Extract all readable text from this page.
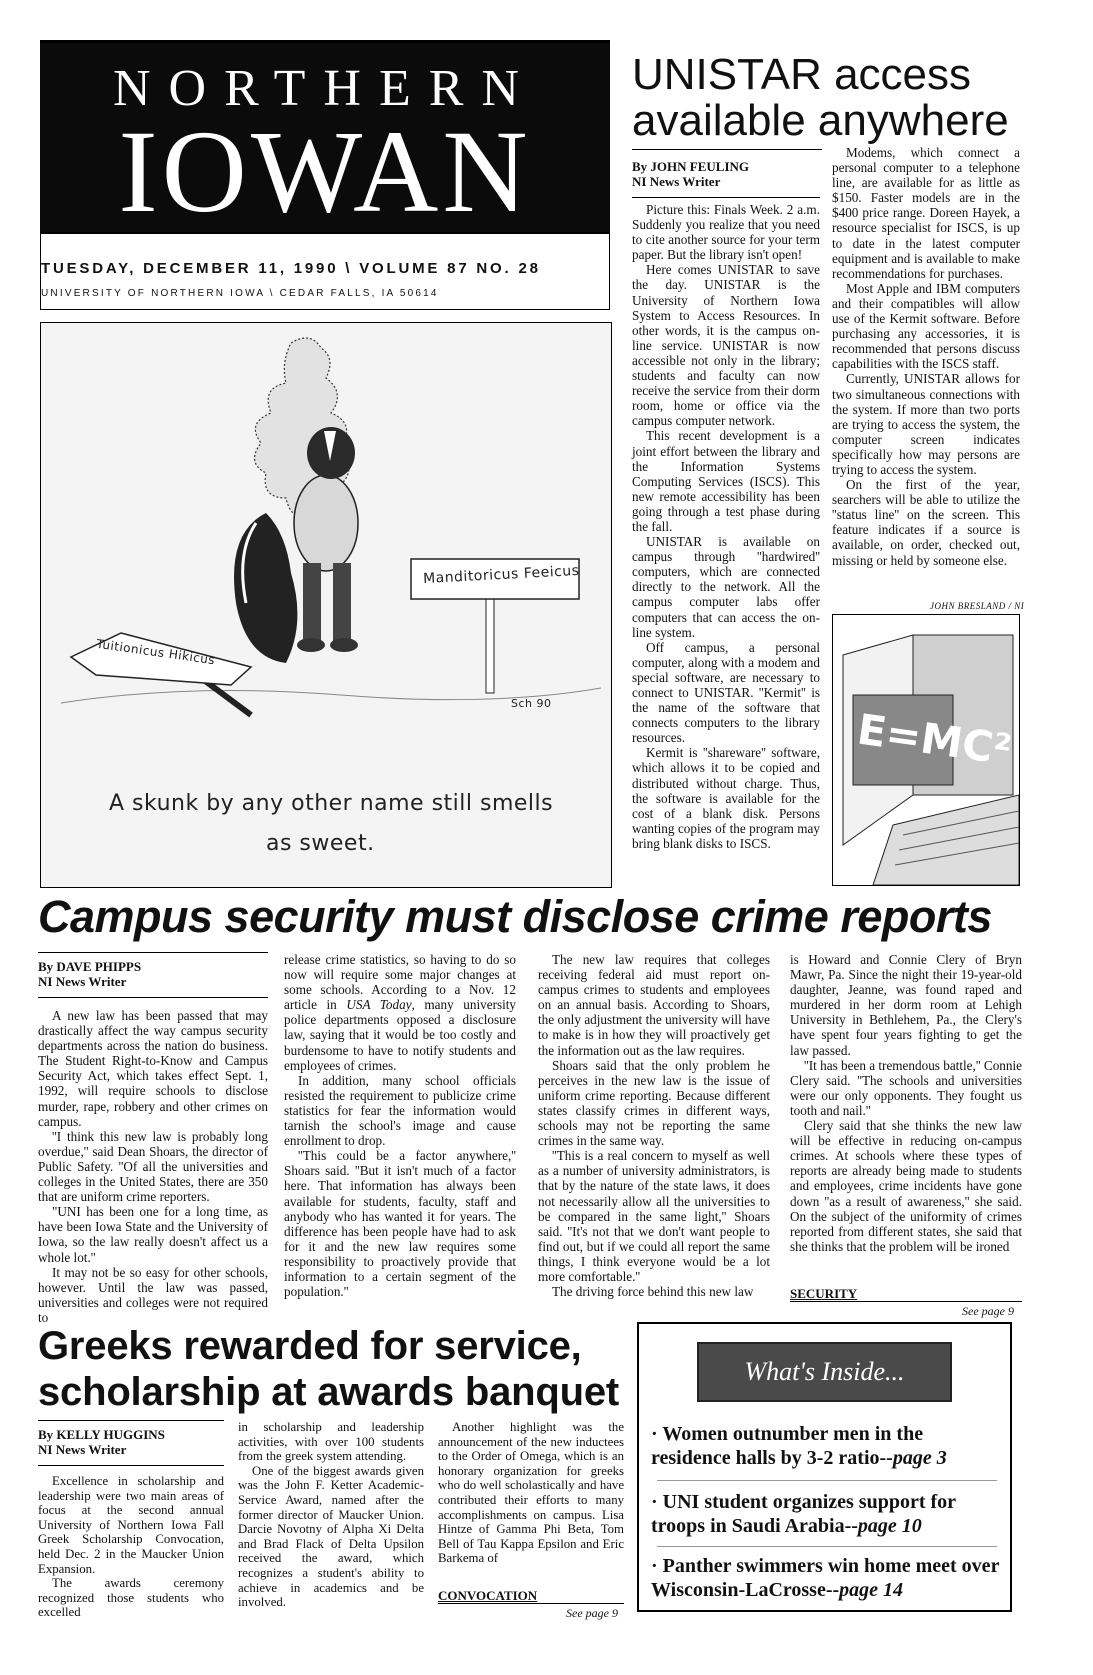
NORTHERN
IOWAN
TUESDAY, DECEMBER 11, 1990 \ VOLUME 87 NO. 28
UNIVERSITY OF NORTHERN IOWA \ CEDAR FALLS, IA 50614
Manditoricus Feeicus
Tuitionicus Hikicus
Sch 90
A skunk by any other name still smells
as sweet.
UNISTAR access
available anywhere
By JOHN FEULING
NI News Writer

Picture this: Finals Week. 2 a.m. Suddenly you realize that you need to cite another source for your term paper. But the library isn't open!

Here comes UNISTAR to save the day. UNISTAR is the University of Northern Iowa System to Access Resources. In other words, it is the campus on-line service. UNISTAR is now accessible not only in the library; students and faculty can now receive the service from their dorm room, home or office via the campus computer network.

This recent development is a joint effort between the library and the Information Systems Computing Services (ISCS). This new remote accessibility has been going through a test phase during the fall.

UNISTAR is available on campus through ''hardwired'' computers, which are connected directly to the network. All the campus computer labs offer computers that can access the on-line system.

Off campus, a personal computer, along with a modem and special software, are necessary to connect to UNISTAR. ''Kermit'' is the name of the software that connects computers to the library resources.

Kermit is ''shareware'' software, which allows it to be copied and distributed without charge. Thus, the software is available for the cost of a blank disk. Persons wanting copies of the program may bring blank disks to ISCS.

Modems, which connect a personal computer to a telephone line, are available for as little as $150. Faster models are in the $400 price range. Doreen Hayek, a resource specialist for ISCS, is up to date in the latest computer equipment and is available to make recommendations for purchases.

Most Apple and IBM computers and their compatibles will allow use of the Kermit software. Before purchasing any accessories, it is recommended that persons discuss capabilities with the ISCS staff.

Currently, UNISTAR allows for two simultaneous connections with the system. If more than two ports are trying to access the system, the computer screen indicates specifically how may persons are trying to access the system.

On the first of the year, searchers will be able to utilize the ''status line'' on the screen. This feature indicates if a source is available, on order, checked out, missing or held by someone else.

JOHN BRESLAND / NI
E=MC²
Campus security must disclose crime reports
By DAVE PHIPPS
NI News Writer

A new law has been passed that may drastically affect the way campus security departments across the nation do business. The Student Right-to-Know and Campus Security Act, which takes effect Sept. 1, 1992, will require schools to disclose murder, rape, robbery and other crimes on campus.

''I think this new law is probably long overdue,'' said Dean Shoars, the director of Public Safety. ''Of all the universities and colleges in the United States, there are 350 that are uniform crime reporters.

"UNI has been one for a long time, as have been Iowa State and the University of Iowa, so the law really doesn't affect us a whole lot.''

It may not be so easy for other schools, however. Until the law was passed, universities and colleges were not required to

release crime statistics, so having to do so now will require some major changes at some schools. According to a Nov. 12 article in USA Today, many university police departments opposed a disclosure law, saying that it would be too costly and burdensome to have to notify students and employees of crimes.

In addition, many school officials resisted the requirement to publicize crime statistics for fear the information would tarnish the school's image and cause enrollment to drop.

''This could be a factor anywhere,'' Shoars said. ''But it isn't much of a factor here. That information has always been available for students, faculty, staff and anybody who has wanted it for years. The difference has been people have had to ask for it and the new law requires some responsibility to proactively provide that information to a certain segment of the population.''

The new law requires that colleges receiving federal aid must report on-campus crimes to students and employees on an annual basis. According to Shoars, the only adjustment the university will have to make is in how they will proactively get the information out as the law requires.

Shoars said that the only problem he perceives in the new law is the issue of uniform crime reporting. Because different states classify crimes in different ways, schools may not be reporting the same crimes in the same way.

''This is a real concern to myself as well as a number of university administrators, is that by the nature of the state laws, it does not necessarily allow all the universities to be compared in the same light,'' Shoars said. ''It's not that we don't want people to find out, but if we could all report the same things, I think everyone would be a lot more comfortable.''

The driving force behind this new law

is Howard and Connie Clery of Bryn Mawr, Pa. Since the night their 19-year-old daughter, Jeanne, was found raped and murdered in her dorm room at Lehigh University in Bethlehem, Pa., the Clery's have spent four years fighting to get the law passed.

''It has been a tremendous battle,'' Connie Clery said. ''The schools and universities were our only opponents. They fought us tooth and nail.''

Clery said that she thinks the new law will be effective in reducing on-campus crimes. At schools where these types of reports are already being made to students and employees, crime incidents have gone down ''as a result of awareness,'' she said. On the subject of the uniformity of crimes reported from different states, she said that she thinks that the problem will be ironed

SECURITY
See page 9
Greeks rewarded for service,
scholarship at awards banquet
By KELLY HUGGINS
NI News Writer

Excellence in scholarship and leadership were two main areas of focus at the second annual University of Northern Iowa Fall Greek Scholarship Convocation, held Dec. 2 in the Maucker Union Expansion.

The awards ceremony recognized those students who excelled

in scholarship and leadership activities, with over 100 students from the greek system attending.

One of the biggest awards given was the John F. Ketter Academic-Service Award, named after the former director of Maucker Union. Darcie Novotny of Alpha Xi Delta and Brad Flack of Delta Upsilon received the award, which recognizes a student's ability to achieve in academics and be involved.

Another highlight was the announcement of the new inductees to the Order of Omega, which is an honorary organization for greeks who do well scholastically and have contributed their efforts to many accomplishments on campus. Lisa Hintze of Gamma Phi Beta, Tom Bell of Tau Kappa Epsilon and Eric Barkema of

CONVOCATION
See page 9
What's Inside...
· Women outnumber men in the residence halls by 3-2 ratio--page 3
· UNI student organizes support for troops in Saudi Arabia--page 10
· Panther swimmers win home meet over Wisconsin-LaCrosse--page 14
